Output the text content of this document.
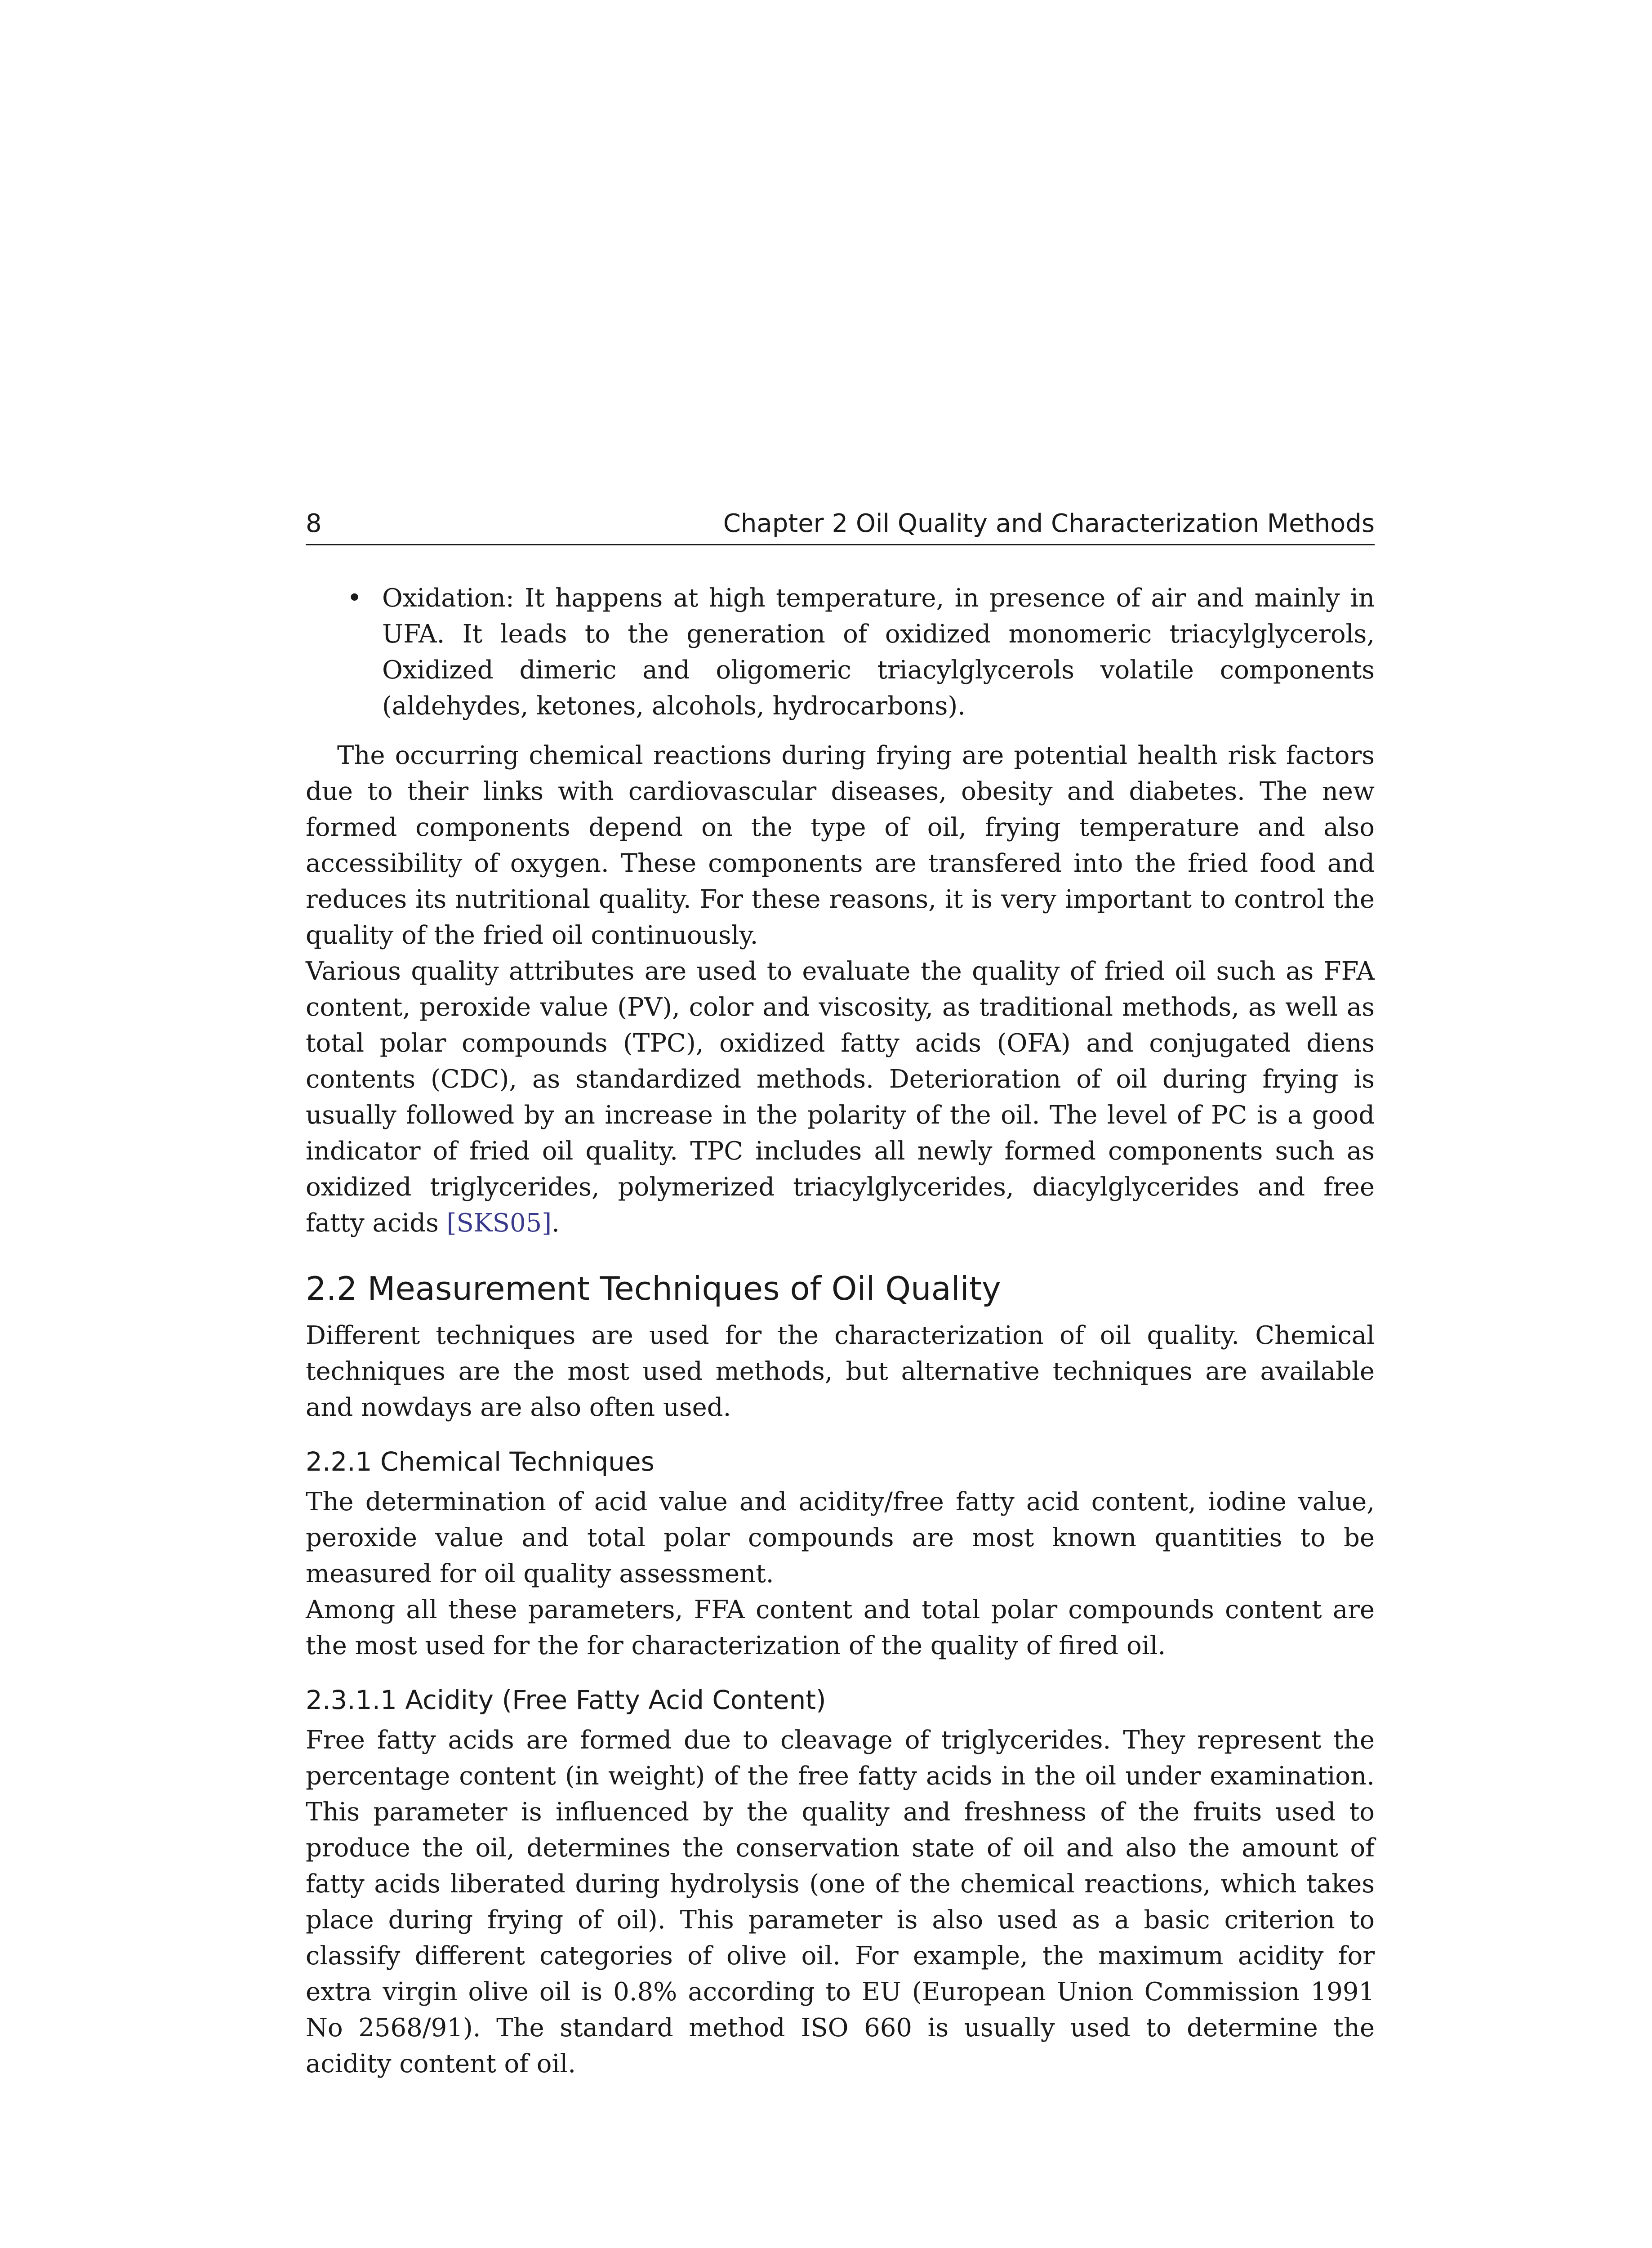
8	Chapter 2 Oil Quality and Characterization Methods
• Oxidation: It happens at high temperature, in presence of air and mainly in UFA. It leads to the generation of oxidized monomeric triacylglycerols, Oxidized dimeric and oligomeric triacylglycerols volatile components (aldehydes, ketones, alcohols, hydrocarbons).

The occurring chemical reactions during frying are potential health risk factors due to their links with cardiovascular diseases, obesity and diabetes. The new formed components depend on the type of oil, frying temperature and also accessibility of oxygen. These components are transfered into the fried food and reduces its nutritional quality. For these reasons, it is very important to control the quality of the fried oil continuously.

Various quality attributes are used to evaluate the quality of fried oil such as FFA content, peroxide value (PV), color and viscosity, as traditional methods, as well as total polar compounds (TPC), oxidized fatty acids (OFA) and conjugated diens contents (CDC), as standardized methods. Deterioration of oil during frying is usually followed by an increase in the polarity of the oil. The level of PC is a good indicator of fried oil quality. TPC includes all newly formed components such as oxidized triglycerides, polymerized triacylglycerides, diacylglycerides and free fatty acids [SKS05].

2.2 Measurement Techniques of Oil Quality

Different techniques are used for the characterization of oil quality. Chemical techniques are the most used methods, but alternative techniques are available and nowdays are also often used.

2.2.1 Chemical Techniques

The determination of acid value and acidity/free fatty acid content, iodine value, peroxide value and total polar compounds are most known quantities to be measured for oil quality assessment.

Among all these parameters, FFA content and total polar compounds content are the most used for the for characterization of the quality of fired oil.

2.3.1.1 Acidity (Free Fatty Acid Content)

Free fatty acids are formed due to cleavage of triglycerides. They represent the percentage content (in weight) of the free fatty acids in the oil under examination. This parameter is influenced by the quality and freshness of the fruits used to produce the oil, determines the conservation state of oil and also the amount of fatty acids liberated during hydrolysis (one of the chemical reactions, which takes place during frying of oil). This parameter is also used as a basic criterion to classify different categories of olive oil. For example, the maximum acidity for extra virgin olive oil is 0.8% according to EU (European Union Commission 1991 No 2568/91). The standard method ISO 660 is usually used to determine the acidity content of oil.
